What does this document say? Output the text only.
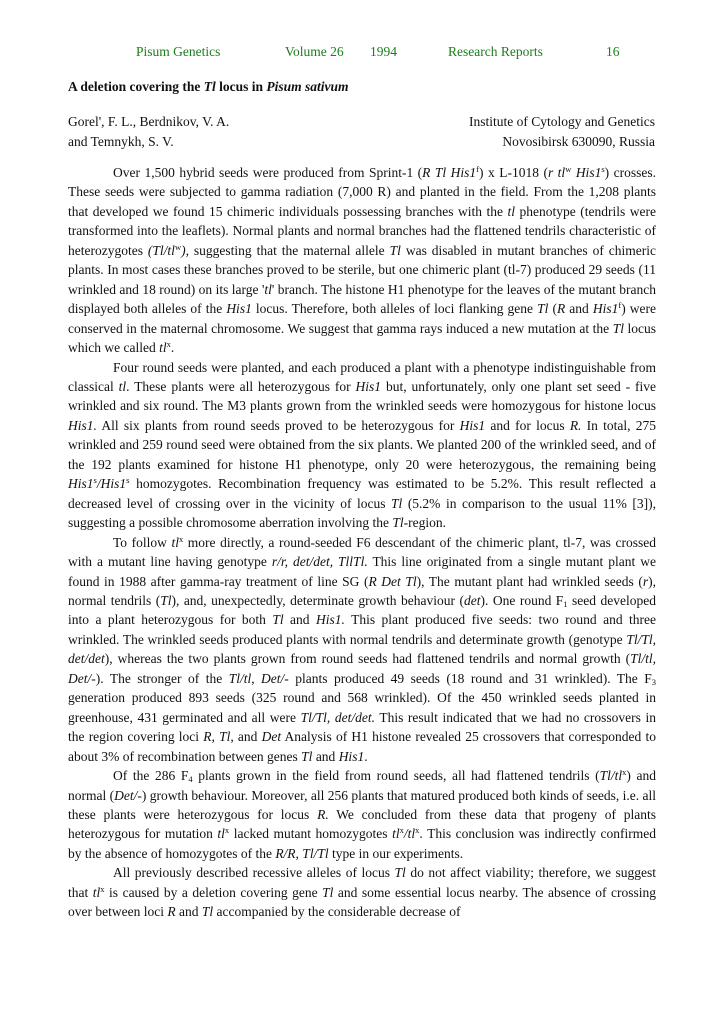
Pisum Genetics	Volume 26 1994	Research Reports	16
A deletion covering the Tl locus in Pisum sativum
Gorel', F. L., Berdnikov, V. A.
and Temnykh, S. V.
Institute of Cytology and Genetics
Novosibirsk 630090, Russia

Over 1,500 hybrid seeds were produced from Sprint-1 (R Tl His1$^f$) x L-1018 (r $tl^w$ His1$^s$) crosses. These seeds were subjected to gamma radiation (7,000 R) and planted in the field. From the 1,208 plants that developed we found 15 chimeric individuals possessing branches with the tl phenotype (tendrils were transformed into the leaflets). Normal plants and normal branches had the flattened tendrils characteristic of heterozygotes $(Tl/tl^w)$, suggesting that the maternal allele Tl was disabled in mutant branches of chimeric plants. In most cases these branches proved to be sterile, but one chimeric plant (tl-7) produced 29 seeds (11 wrinkled and 18 round) on its large 'tl' branch. The histone H1 phenotype for the leaves of the mutant branch displayed both alleles of the His1 locus. Therefore, both alleles of loci flanking gene Tl (R and His1$^f$) were conserved in the maternal chromosome. We suggest that gamma rays induced a new mutation at the Tl locus which we called $tl^x$.

Four round seeds were planted, and each produced a plant with a phenotype indistinguishable from classical tl. These plants were all heterozygous for His1 but, unfortunately, only one plant set seed - five wrinkled and six round. The M3 plants grown from the wrinkled seeds were homozygous for histone locus His1. All six plants from round seeds proved to be heterozygous for His1 and for locus R. In total, 275 wrinkled and 259 round seed were obtained from the six plants. We planted 200 of the wrinkled seed, and of the 192 plants examined for histone H1 phenotype, only 20 were heterozygous, the remaining being His1$^s$/His1$^s$ homozygotes. Recombination frequency was estimated to be 5.2%. This result reflected a decreased level of crossing over in the vicinity of locus Tl (5.2% in comparison to the usual 11% [3]), suggesting a possible chromosome aberration involving the Tl-region.

To follow $tl^x$ more directly, a round-seeded F6 descendant of the chimeric plant, tl-7, was crossed with a mutant line having genotype r/r, det/det, TllTl. This line originated from a single mutant plant we found in 1988 after gamma-ray treatment of line SG (R Det Tl), The mutant plant had wrinkled seeds (r), normal tendrils (Tl), and, unexpectedly, determinate growth behaviour (det). One round $F_1$ seed developed into a plant heterozygous for both Tl and His1. This plant produced five seeds: two round and three wrinkled. The wrinkled seeds produced plants with normal tendrils and determinate growth (genotype Tl/Tl, det/det), whereas the two plants grown from round seeds had flattened tendrils and normal growth (Tl/tl, Det/-). The stronger of the Tl/tl, Det/- plants produced 49 seeds (18 round and 31 wrinkled). The $F_3$ generation produced 893 seeds (325 round and 568 wrinkled). Of the 450 wrinkled seeds planted in greenhouse, 431 germinated and all were Tl/Tl, det/det. This result indicated that we had no crossovers in the region covering loci R, Tl, and Det Analysis of H1 histone revealed 25 crossovers that corresponded to about 3% of recombination between genes Tl and His1.

Of the 286 $F_4$ plants grown in the field from round seeds, all had flattened tendrils $(Tl/tl^x)$ and normal (Det/-) growth behaviour. Moreover, all 256 plants that matured produced both kinds of seeds, i.e. all these plants were heterozygous for locus R. We concluded from these data that progeny of plants heterozygous for mutation $tl^x$ lacked mutant homozygotes $tl^x/tl^x$. This conclusion was indirectly confirmed by the absence of homozygotes of the R/R, Tl/Tl type in our experiments.

All previously described recessive alleles of locus Tl do not affect viability; therefore, we suggest that $tl^x$ is caused by a deletion covering gene Tl and some essential locus nearby. The absence of crossing over between loci R and Tl accompanied by the considerable decrease of
